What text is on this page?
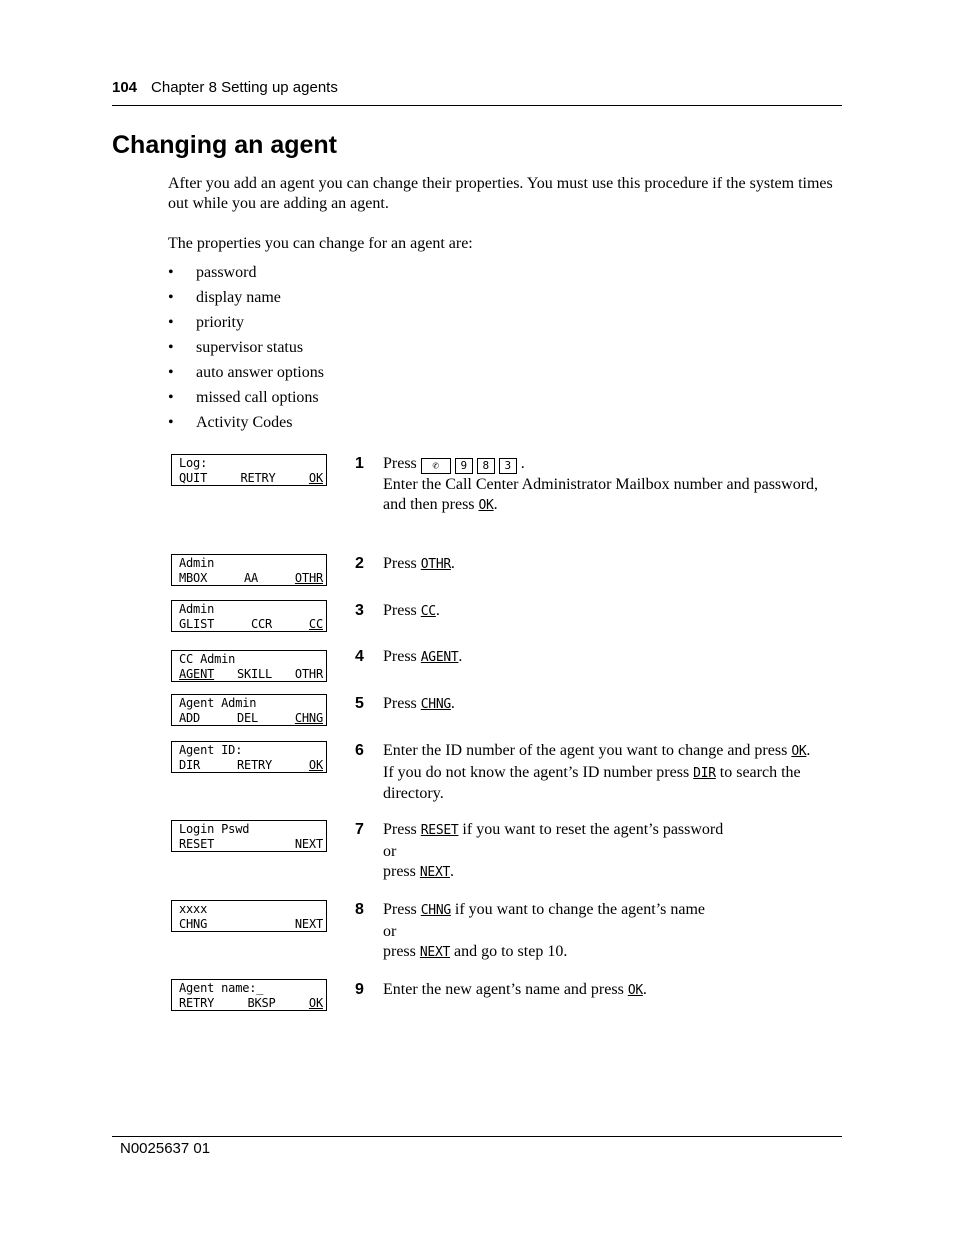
104 Chapter 8 Setting up agents
Changing an agent

After you add an agent you can change their properties. You must use this procedure if the system times out while you are adding an agent.

The properties you can change for an agent are:

• password
• display name
• priority
• supervisor status
• auto answer options
• missed call options
• Activity Codes
Log:
QUIT	RETRY	OK
Admin
MBOX	AA	OTHR
Admin
GLIST	CCR	CC
CC Admin
AGENT SKILL OTHR
Agent Admin
ADD	DEL	CHNG
Agent ID:
DIR	RETRY	OK
Login Pswd
RESET	NEXT
xxxx
CHNG	NEXT
Agent name:_
RETRY	BKSP	OK
1 Press ✆ 9 8 3 .
Enter the Call Center Administrator Mailbox number and password,
and then press OK.
2 Press OTHR.
3 Press CC.
4 Press AGENT.
5 Press CHNG.
6 Enter the ID number of the agent you want to change and press OK.
If you do not know the agent’s ID number press DIR to search the directory.
7 Press RESET if you want to reset the agent’s password
or
press NEXT.
8 Press CHNG if you want to change the agent’s name
or
press NEXT and go to step 10.
9 Enter the new agent’s name and press OK.
N0025637 01
